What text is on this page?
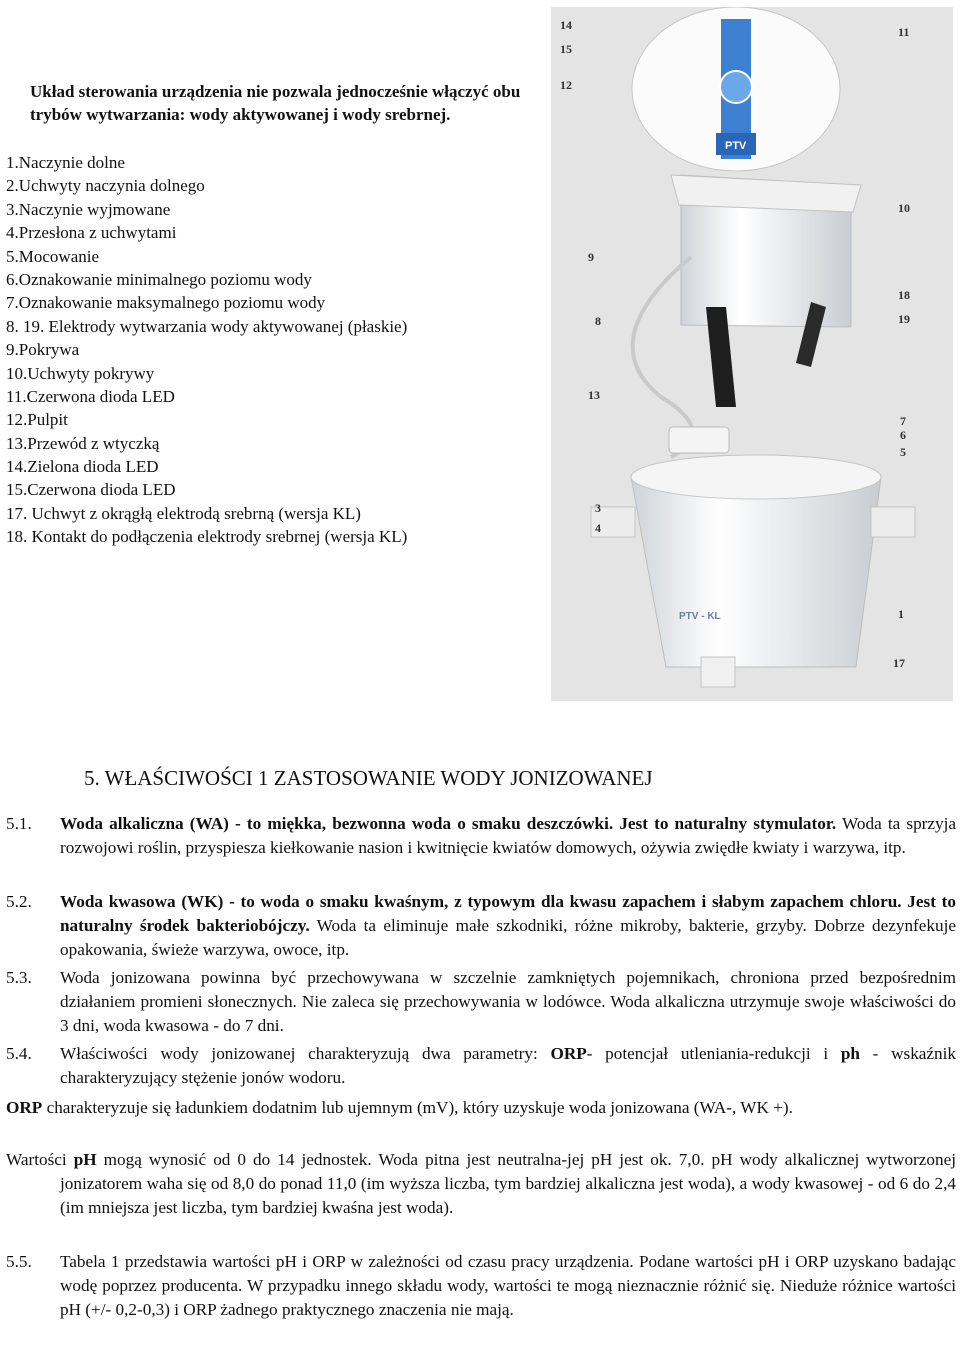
Układ sterowania urządzenia nie pozwala jednocześnie włączyć obu trybów wytwarzania: wody aktywowanej i wody srebrnej.
1.Naczynie dolne
2.Uchwyty naczynia dolnego
3.Naczynie wyjmowane
4.Przesłona z uchwytami
5.Mocowanie
6.Oznakowanie minimalnego poziomu wody
7.Oznakowanie maksymalnego poziomu wody
8. 19. Elektrody wytwarzania wody aktywowanej (płaskie)
9.Pokrywa
10.Uchwyty pokrywy
11.Czerwona dioda LED
12.Pulpit
13.Przewód z wtyczką
14.Zielona dioda LED
15.Czerwona dioda LED
17. Uchwyt z okrągłą elektrodą srebrną (wersja KL)
18. Kontakt do podłączenia elektrody srebrnej (wersja KL)
PTV
PTV - KL
14
15
11
12
10
9
18
19
8
13
7
6
5
3
4
1
17
5. WŁAŚCIWOŚCI 1 ZASTOSOWANIE WODY JONIZOWANEJ
5.1. Woda alkaliczna (WA) - to miękka, bezwonna woda o smaku deszczówki. Jest to naturalny stymulator. Woda ta sprzyja rozwojowi roślin, przyspiesza kiełkowanie nasion i kwitnięcie kwiatów domowych, ożywia zwiędłe kwiaty i warzywa, itp.
5.2. Woda kwasowa (WK) - to woda o smaku kwaśnym, z typowym dla kwasu zapachem i słabym zapachem chloru. Jest to naturalny środek bakteriobójczy. Woda ta eliminuje małe szkodniki, różne mikroby, bakterie, grzyby. Dobrze dezynfekuje opakowania, świeże warzywa, owoce, itp.
5.3. Woda jonizowana powinna być przechowywana w szczelnie zamkniętych pojemnikach, chroniona przed bezpośrednim działaniem promieni słonecznych. Nie zaleca się przechowywania w lodówce. Woda alkaliczna utrzymuje swoje właściwości do 3 dni, woda kwasowa - do 7 dni.
5.4. Właściwości wody jonizowanej charakteryzują dwa parametry: ORP- potencjał utleniania-redukcji i ph - wskaźnik charakteryzujący stężenie jonów wodoru.
ORP charakteryzuje się ładunkiem dodatnim lub ujemnym (mV), który uzyskuje woda jonizowana (WA-, WK +).
Wartości pH mogą wynosić od 0 do 14 jednostek. Woda pitna jest neutralna-jej pH jest ok. 7,0. pH wody alkalicznej wytworzonej jonizatorem waha się od 8,0 do ponad 11,0 (im wyższa liczba, tym bardziej alkaliczna jest woda), a wody kwasowej - od 6 do 2,4 (im mniejsza jest liczba, tym bardziej kwaśna jest woda).
5.5. Tabela 1 przedstawia wartości pH i ORP w zależności od czasu pracy urządzenia. Podane wartości pH i ORP uzyskano badając wodę poprzez producenta. W przypadku innego składu wody, wartości te mogą nieznacznie różnić się. Nieduże różnice wartości pH (+/- 0,2-0,3) i ORP żadnego praktycznego znaczenia nie mają.
